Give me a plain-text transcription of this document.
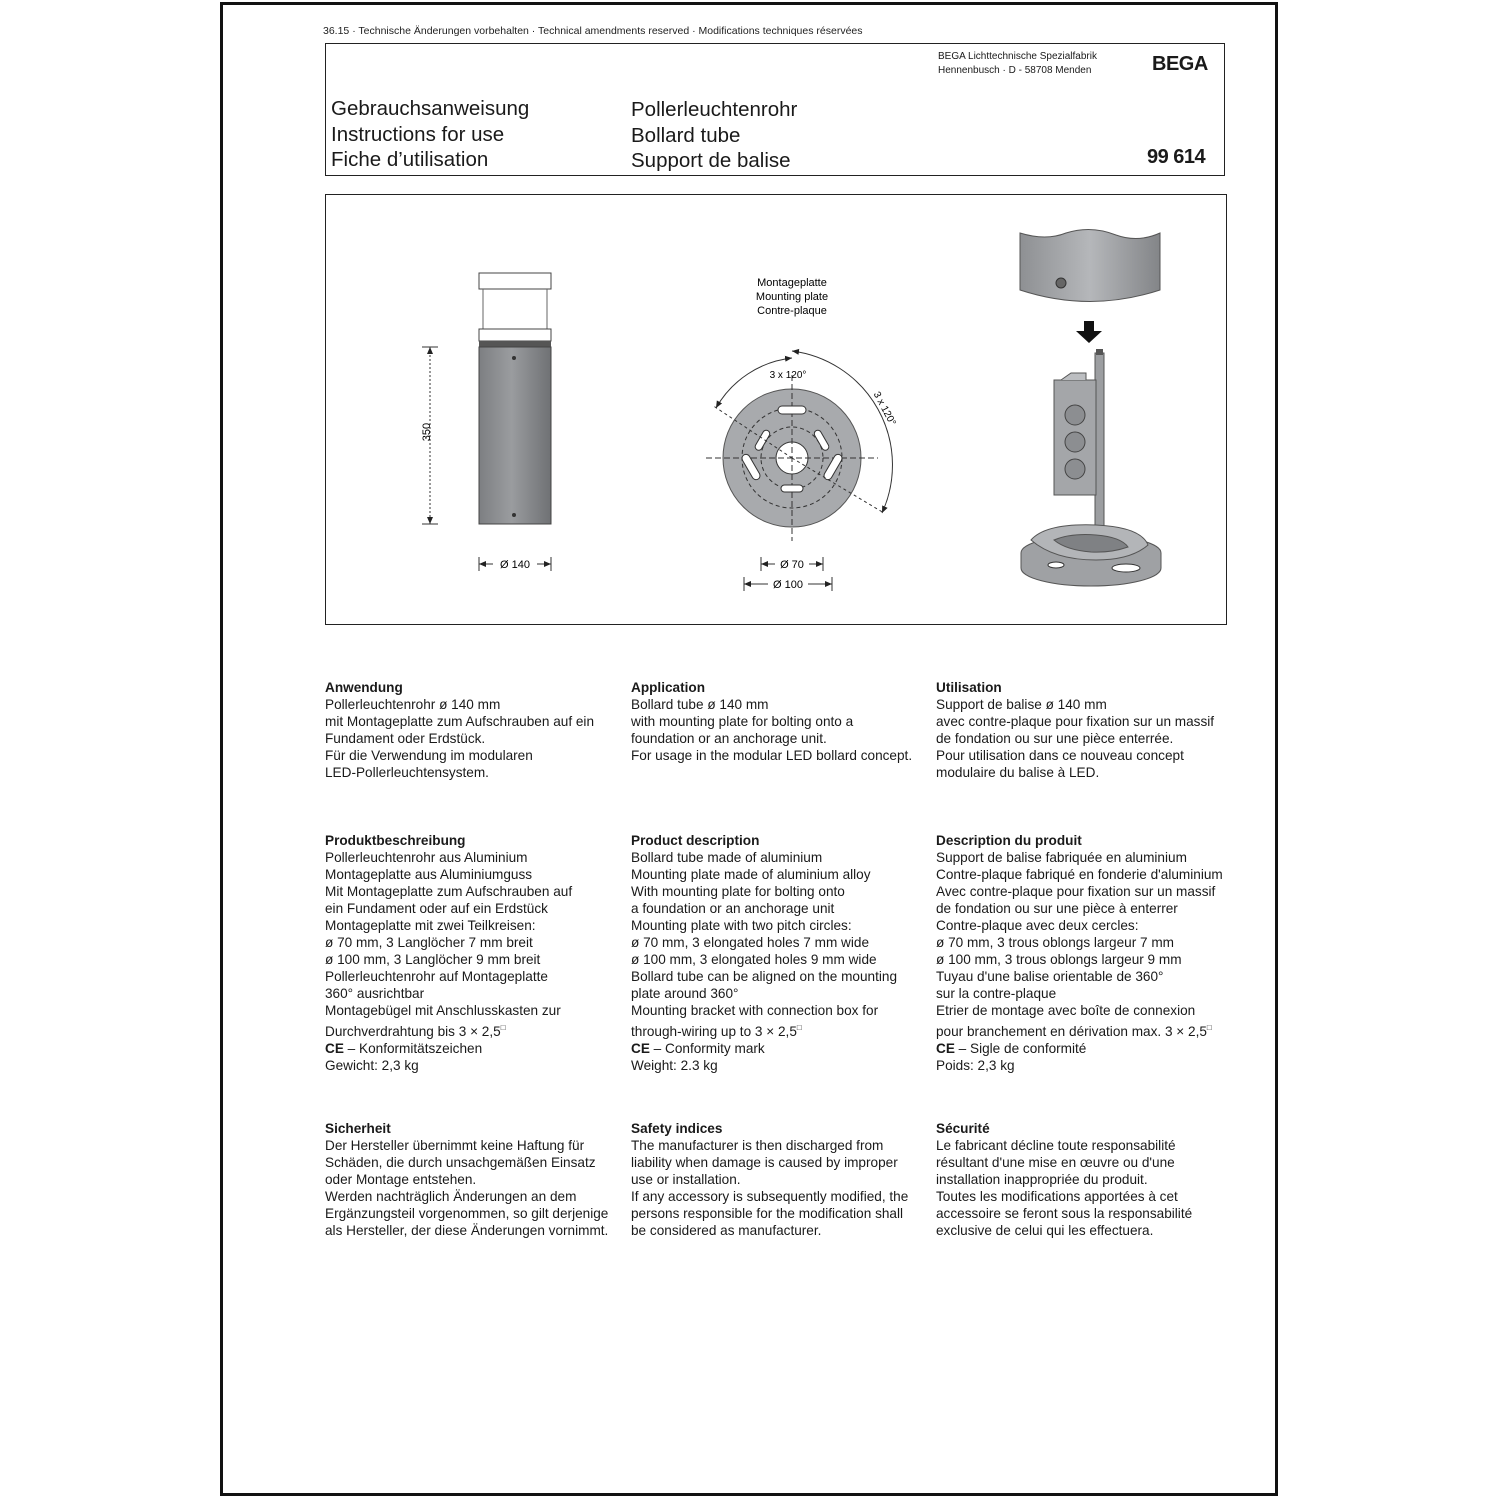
36.15 · Technische Änderungen vorbehalten · Technical amendments reserved · Modifications techniques réservées
BEGA Lichttechnische Spezialfabrik
Hennenbusch · D - 58708 Menden	BEGA
Gebrauchsanweisung
Instructions for use
Fiche d’utilisation
Pollerleuchtenrohr
Bollard tube
Support de balise	99 614
350
Ø 140
Montageplatte
Mounting plate
Contre-plaque
3 x 120°
3 x 120°
Ø 70
Ø 100
Anwendung
Pollerleuchtenrohr ø 140 mm
mit Montageplatte zum Aufschrauben auf ein
Fundament oder Erdstück.
Für die Verwendung im modularen
LED-Pollerleuchtensystem.
Application
Bollard tube ø 140 mm
with mounting plate for bolting onto a
foundation or an anchorage unit.
For usage in the modular LED bollard concept.
Utilisation
Support de balise ø 140 mm
avec contre-plaque pour fixation sur un massif
de fondation ou sur une pièce enterrée.
Pour utilisation dans ce nouveau concept
modulaire du balise à LED.
Produktbeschreibung
Pollerleuchtenrohr aus Aluminium
Montageplatte aus Aluminiumguss
Mit Montageplatte zum Aufschrauben auf
ein Fundament oder auf ein Erdstück
Montageplatte mit zwei Teilkreisen:
ø 70 mm, 3 Langlöcher 7 mm breit
ø 100 mm, 3 Langlöcher 9 mm breit
Pollerleuchtenrohr auf Montageplatte
360° ausrichtbar
Montagebügel mit Anschlusskasten zur
Durchverdrahtung bis 3 × 2,5□
CE – Konformitätszeichen
Gewicht: 2,3 kg
Product description
Bollard tube made of aluminium
Mounting plate made of aluminium alloy
With mounting plate for bolting onto
a foundation or an anchorage unit
Mounting plate with two pitch circles:
ø 70 mm, 3 elongated holes 7 mm wide
ø 100 mm, 3 elongated holes 9 mm wide
Bollard tube can be aligned on the mounting
plate around 360°
Mounting bracket with connection box for
through-wiring up to 3 × 2,5□
CE – Conformity mark
Weight: 2.3 kg
Description du produit
Support de balise fabriquée en aluminium
Contre-plaque fabriqué en fonderie d'aluminium
Avec contre-plaque pour fixation sur un massif
de fondation ou sur une pièce à enterrer
Contre-plaque avec deux cercles:
ø 70 mm, 3 trous oblongs largeur 7 mm
ø 100 mm, 3 trous oblongs largeur 9 mm
Tuyau d'une balise orientable de 360°
sur la contre-plaque
Etrier de montage avec boîte de connexion
pour branchement en dérivation max. 3 × 2,5□
CE – Sigle de conformité
Poids: 2,3 kg
Sicherheit
Der Hersteller übernimmt keine Haftung für
Schäden, die durch unsachgemäßen Einsatz
oder Montage entstehen.
Werden nachträglich Änderungen an dem
Ergänzungsteil vorgenommen, so gilt derjenige
als Hersteller, der diese Änderungen vornimmt.
Safety indices
The manufacturer is then discharged from
liability when damage is caused by improper
use or installation.
If any accessory is subsequently modified, the
persons responsible for the modification shall
be considered as manufacturer.
Sécurité
Le fabricant décline toute responsabilité
résultant d'une mise en œuvre ou d'une
installation inappropriée du produit.
Toutes les modifications apportées à cet
accessoire se feront sous la responsabilité
exclusive de celui qui les effectuera.
